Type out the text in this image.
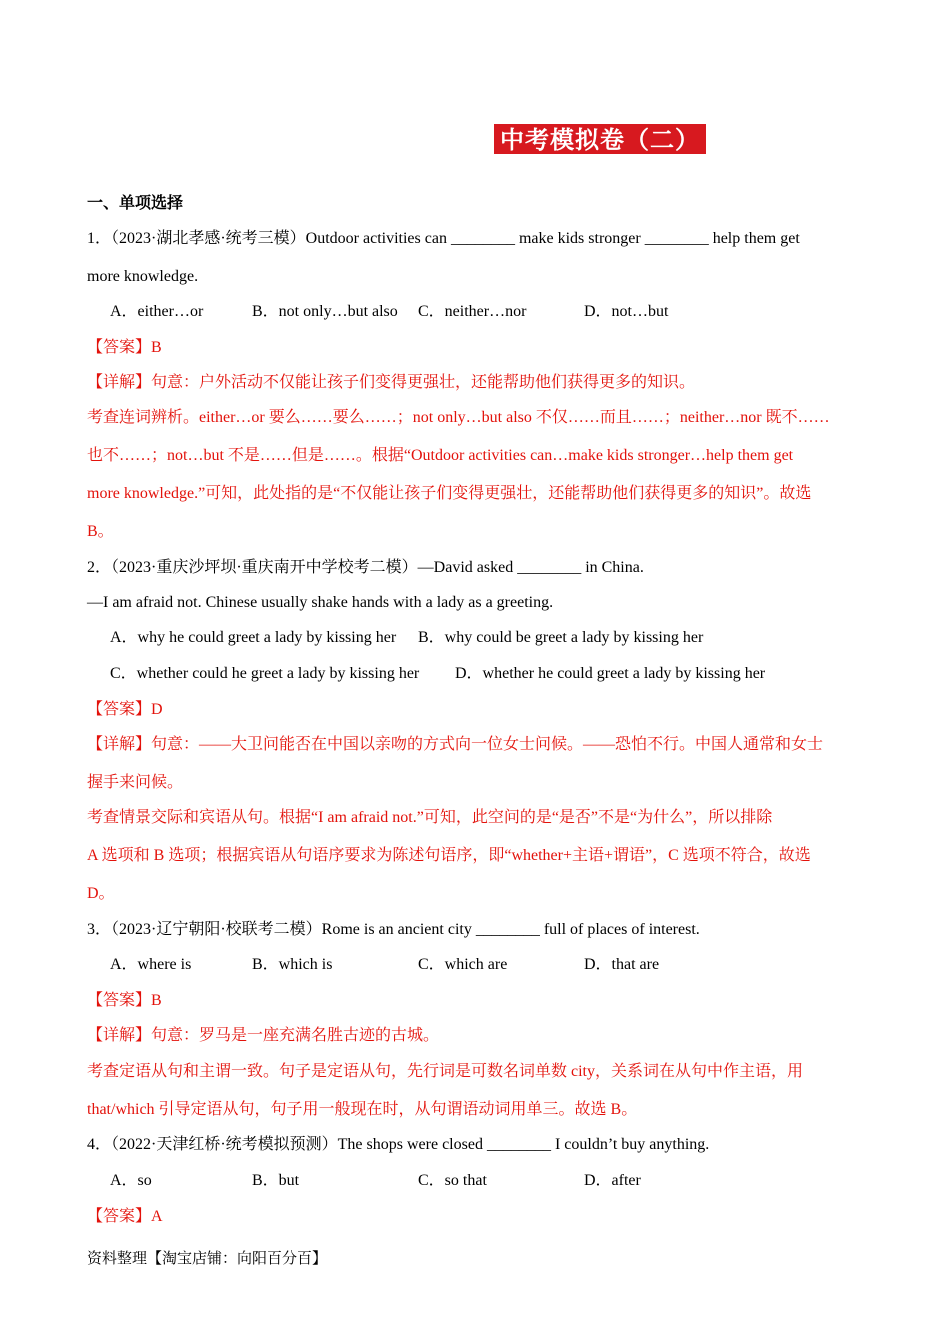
中考模拟卷（二）
一、单项选择
1．（2023·湖北孝感·统考三模）Outdoor activities can ________ make kids stronger ________ help them get
more knowledge.
A．either…or	B．not only…but also C．neither…nor	D．not…but
【答案】B
【详解】句意：户外活动不仅能让孩子们变得更强壮，还能帮助他们获得更多的知识。
考查连词辨析。either…or 要么……要么……；not only…but also 不仅……而且……；neither…nor 既不……
也不……；not…but 不是……但是……。根据“Outdoor activities can…make kids stronger…help them get
more knowledge.”可知，此处指的是“不仅能让孩子们变得更强壮，还能帮助他们获得更多的知识”。故选
B。
2．（2023·重庆沙坪坝·重庆南开中学校考二模）—David asked ________ in China.
—I am afraid not. Chinese usually shake hands with a lady as a greeting.
A．why he could greet a lady by kissing her B．why could be greet a lady by kissing her
C．whether could he greet a lady by kissing her D．whether he could greet a lady by kissing her
【答案】D
【详解】句意：——大卫问能否在中国以亲吻的方式向一位女士问候。——恐怕不行。中国人通常和女士
握手来问候。
考查情景交际和宾语从句。根据“I am afraid not.”可知，此空问的是“是否”不是“为什么”，所以排除
A 选项和 B 选项；根据宾语从句语序要求为陈述句语序，即“whether+主语+谓语”，C 选项不符合，故选
D。
3．（2023·辽宁朝阳·校联考二模）Rome is an ancient city ________ full of places of interest.
A．where is	B．which is	C．which are	D．that are
【答案】B
【详解】句意：罗马是一座充满名胜古迹的古城。
考查定语从句和主谓一致。句子是定语从句，先行词是可数名词单数 city，关系词在从句中作主语，用
that/which 引导定语从句，句子用一般现在时，从句谓语动词用单三。故选 B。
4．（2022·天津红桥·统考模拟预测）The shops were closed ________ I couldn’t buy anything.
A．so	B．but	C．so that	D．after
【答案】A
资料整理【淘宝店铺：向阳百分百】
